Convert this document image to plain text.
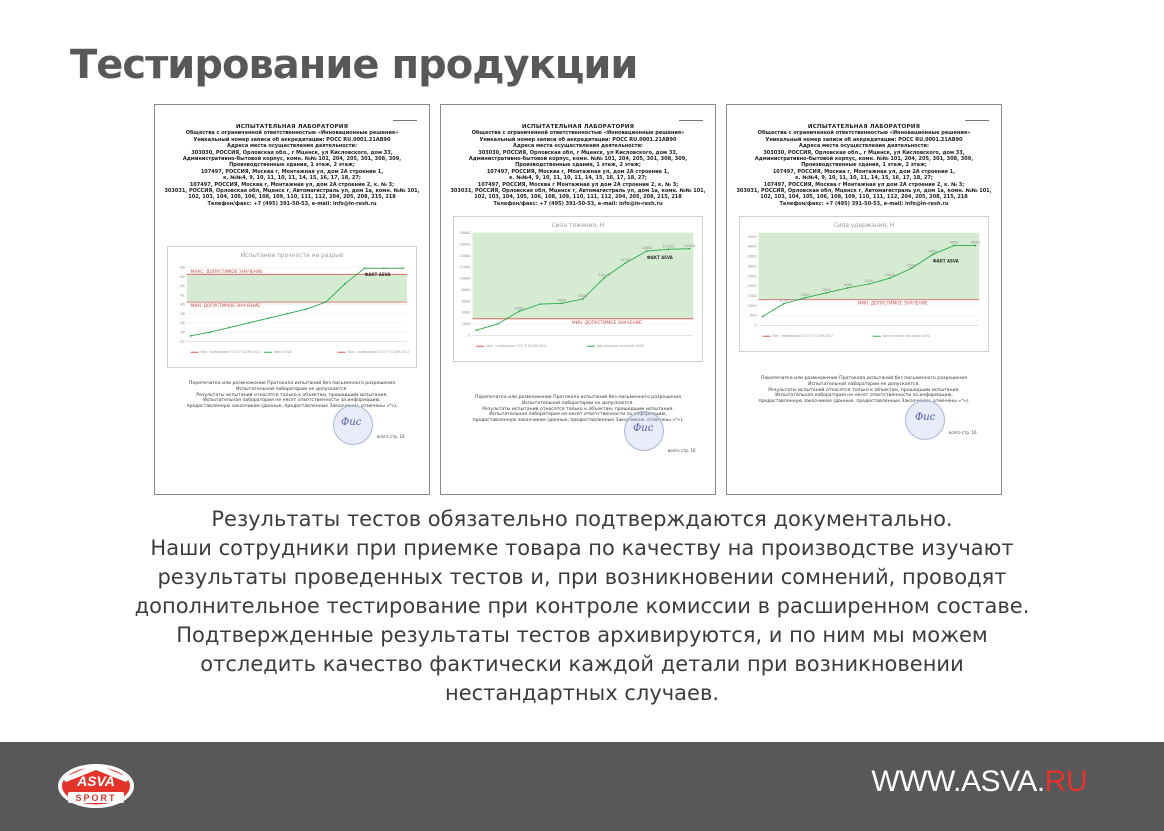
Тестирование продукции
ИСПЫТАТЕЛЬНАЯ ЛАБОРАТОРИЯ
Общества с ограниченной ответственностью «Инновационные решения»
Уникальный номер записи об аккредитации: РОСС RU.0001.21АВ90
Адреса места осуществления деятельности:
303030, РОССИЯ, Орловская обл., г Мценск, ул Кисловского, дом 33,
Административно-бытовой корпус, комн. №№ 101, 204, 205, 301, 308, 309,
Производственные здания, 1 этаж, 2 этаж;
107497, РОССИЯ, Москва г, Монтажная ул, дом 2А строение 1,
к. №№4, 9, 10, 11, 10, 11, 14, 15, 16, 17, 18, 27;
107497, РОССИЯ, Москва г, Монтажная ул, дом 2А строение 2, к. № 3;
303031, РОССИЯ, Орловская обл, Мценск г, Автомагистраль ул, дом 1а, комн. №№ 101,
102, 103, 104, 105, 106, 108, 109, 110, 111, 112, 204, 205, 208, 215, 218
Телефон/факс: +7 (495) 391-50-53, e-mail: info@in-resh.ru
Испытание прочности на разрыв
32
34
36
38
40
42
44
46
48
МАКС. ДОПУСТИМОЕ ЗНАЧЕНИЕ
МИН. ДОПУСТИМОЕ ЗНАЧЕНИЕ
ФАКТ ASVA
Мин. требования ГОСТ Р 52169-2012	Факт ASVA	Макс. требования ГОСТ Р 52169-2012
Перепечатка или размножение Протокола испытаний без письменного разрешения
Испытательной лаборатории не допускается.
Результаты испытаний относятся только к объектам, прошедшим испытания.
Испытательная лаборатория не несет ответственности за информацию,
предоставленную заказчиком (данные, предоставленные Заказчиком, отмечены «*»).
Фис
всего стр. 16
ИСПЫТАТЕЛЬНАЯ ЛАБОРАТОРИЯ
Общества с ограниченной ответственностью «Инновационные решения»
Уникальный номер записи об аккредитации: РОСС RU.0001.21АВ90
Адреса места осуществления деятельности:
303030, РОССИЯ, Орловская обл, г Мценск, ул Кисловского, дом 33,
Административно-бытовой корпус, комн. №№ 101, 204, 205, 301, 308, 309,
Производственные здания, 1 этаж, 2 этаж;
107497, РОССИЯ, Москва г, Монтажная ул, дом 2А строение 1,
к. №№4, 9, 10, 11, 10, 11, 14, 15, 16, 17, 18, 27;
107497, РОССИЯ, Москва г Монтажная ул дом 2А строение 2, к. № 3;
303031, РОССИЯ, Орловская обл, Мценск г, Автомагистраль ул, дом 1а, комн. №№ 101,
102, 103, 104, 105, 106, 108, 109, 110, 111, 112, 204, 205, 208, 215, 218
Телефон/факс: +7 (495) 391-50-53, e-mail: info@in-resh.ru
Сила тяжения, Н
0
2000
4000
6000
8000
10000
12000
14000
16000
18000
МИН. ДОПУСТИМОЕ ЗНАЧЕНИЕ
4200
5600
6400
10100
12700
14800	15100	15200
ФАКТ ASVA
Мин. требования ГОСТ Р 52169-2012	Фактическое значение ASVA
Перепечатка или размножение Протокола испытаний без письменного разрешения
Испытательной лаборатории не допускается.
Результаты испытаний относятся только к объектам, прошедшим испытания.
Испытательная лаборатория не несет ответственности за информацию,
предоставленную заказчиком (данные, предоставленные Заказчиком, отмечены «*»).
Фис
всего стр. 16
ИСПЫТАТЕЛЬНАЯ ЛАБОРАТОРИЯ
Общества с ограниченной ответственностью «Инновационные решения»
Уникальный номер записи об аккредитации: РОСС RU.0001.21АВ90
Адреса места осуществления деятельности:
303030, РОССИЯ, Орловская обл., г Мценск, ул Кисловского, дом 33,
Административно-бытовой корпус, комн. №№ 101, 204, 205, 301, 308, 309,
Производственные здания, 1 этаж, 2 этаж;
107497, РОССИЯ, Москва г, Монтажная ул, дом 2А строение 1,
к. №№4, 9, 10, 11, 10, 11, 14, 15, 16, 17, 18, 27;
107497, РОССИЯ, Москва г Монтажная ул дом 2А строение 2, к. № 3;
303031, РОССИЯ, Орловская обл, Мценск г, Автомагистраль ул, дом 1а, комн. №№ 101,
102, 103, 104, 105, 106, 108, 109, 110, 111, 112, 204, 205, 208, 215, 218
Телефон/факс: +7 (495) 391-50-53, e-mail: info@in-resh.ru
Сила удержания, Н
0
500
1000
1500
2000
2500
3000
3500
4000
4500
МИН. ДОПУСТИМОЕ ЗНАЧЕНИЕ
1100
1400
1650
1900
2100
2400
2900
3600
4050	4050
ФАКТ ASVA
Мин. требования ГОСТ Р 52169-2012	Фактическое значение ASVA
Перепечатка или размножение Протокола испытаний без письменного разрешения
Испытательной лаборатории не допускается.
Результаты испытаний относятся только к объектам, прошедшим испытания.
Испытательная лаборатория не несет ответственности за информацию,
предоставленную заказчиком (данные, предоставленные Заказчиком, отмечены «*»).
Фис
всего стр. 16
Результаты тестов обязательно подтверждаются документально.
Наши сотрудники при приемке товара по качеству на производстве изучают
результаты проведенных тестов и, при возникновении сомнений, проводят
дополнительное тестирование при контроле комиссии в расширенном составе.
Подтвержденные результаты тестов архивируются, и по ним мы можем
отследить качество фактически каждой детали при возникновении
нестандартных случаев.
ASVA
SPORT	WWW.ASVA.RU
